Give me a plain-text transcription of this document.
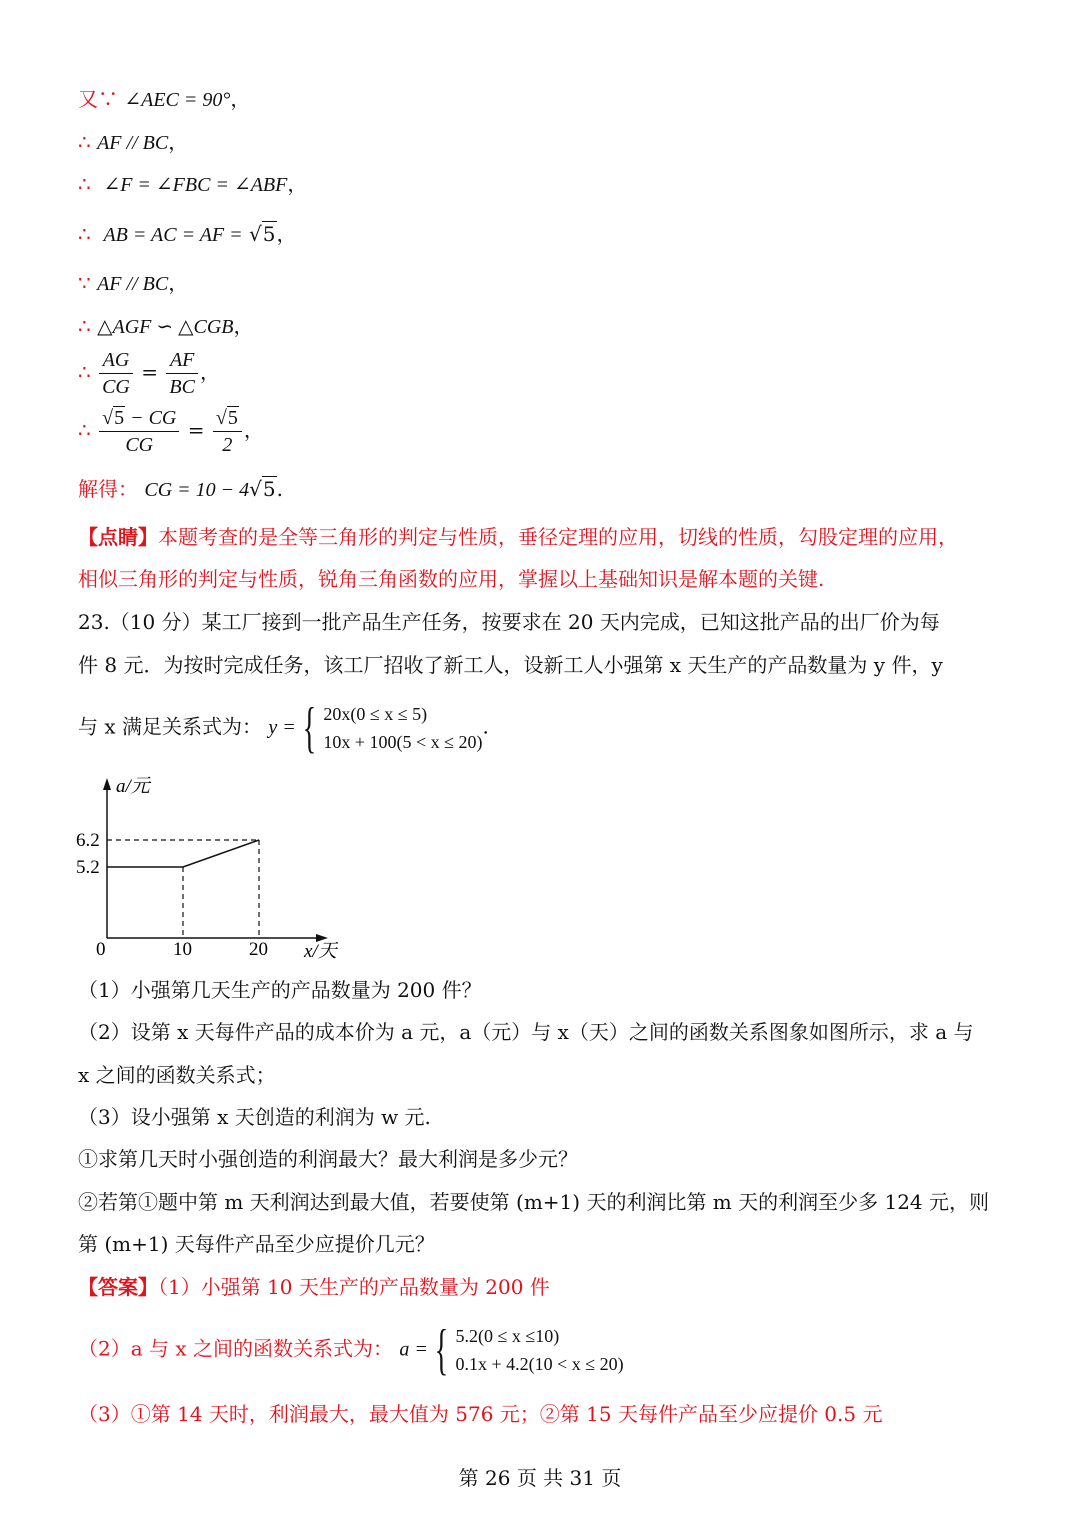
又∵ ∠AEC = 90°，
∴ AF // BC，
∴ ∠F = ∠FBC = ∠ABF，
∴ AB = AC = AF = √5，
∵ AF // BC，
∴ △AGF ∽ △CGB，
∴ $\frac{AG}{CG} = \frac{AF}{BC}$ ，
∴ $\frac{√5 - CG}{CG} = \frac{√5}{2}$ ，
解得： CG = 10 − 4√5.
【点睛】本题考查的是全等三角形的判定与性质，垂径定理的应用，切线的性质，勾股定理的应用，
相似三角形的判定与性质，锐角三角函数的应用，掌握以上基础知识是解本题的关键.
23.（10 分）某工厂接到一批产品生产任务，按要求在 20 天内完成，已知这批产品的出厂价为每
件 8 元．为按时完成任务，该工厂招收了新工人，设新工人小强第 x 天生产的产品数量为 y 件，y
与 x 满足关系式为： y = { 20x(0 ≤ x ≤ 5)
10x + 100(5 < x ≤ 20)
.
a/元
x/天
0	10	20
5.2
6.2
（1）小强第几天生产的产品数量为 200 件？
（2）设第 x 天每件产品的成本价为 a 元，a（元）与 x（天）之间的函数关系图象如图所示，求 a 与
x 之间的函数关系式；
（3）设小强第 x 天创造的利润为 w 元.
①求第几天时小强创造的利润最大？最大利润是多少元？
②若第①题中第 m 天利润达到最大值，若要使第 (m+1) 天的利润比第 m 天的利润至少多 124 元，则
第 (m+1) 天每件产品至少应提价几元？
【答案】（1）小强第 10 天生产的产品数量为 200 件
（2）a 与 x 之间的函数关系式为： a = { 5.2(0 ≤ x ≤10)
0.1x + 4.2(10 < x ≤ 20)
（3）①第 14 天时，利润最大，最大值为 576 元；②第 15 天每件产品至少应提价 0.5 元
第 26 页 共 31 页
